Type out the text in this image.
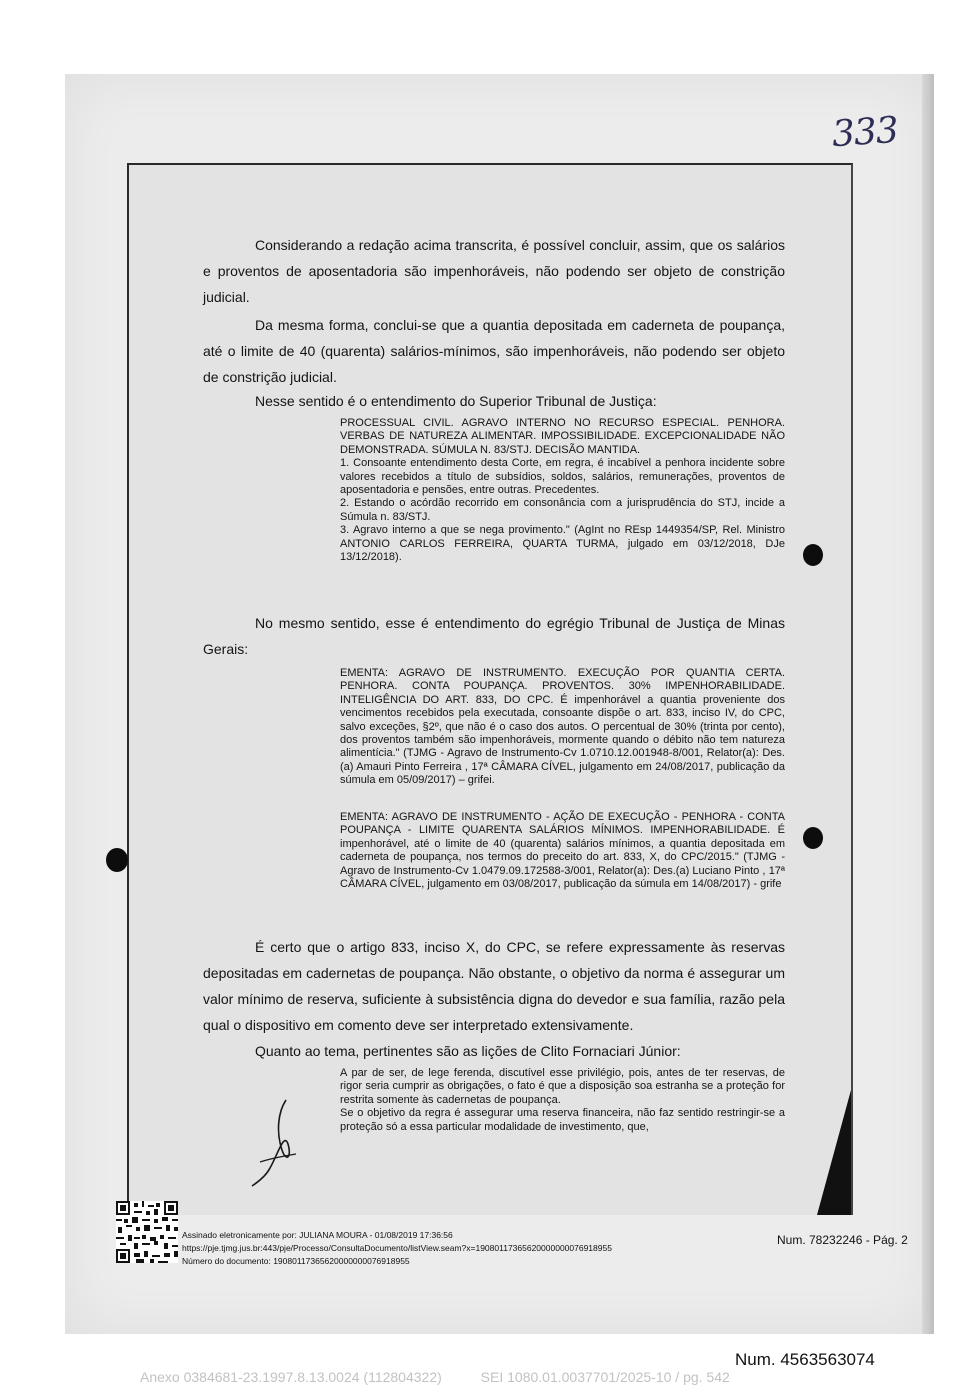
333
Considerando a redação acima transcrita, é possível concluir, assim, que os salários e proventos de aposentadoria são impenhoráveis, não podendo ser objeto de constrição judicial.
Da mesma forma, conclui-se que a quantia depositada em caderneta de poupança, até o limite de 40 (quarenta) salários-mínimos, são impenhoráveis, não podendo ser objeto de constrição judicial.
Nesse sentido é o entendimento do Superior Tribunal de Justiça:
PROCESSUAL CIVIL. AGRAVO INTERNO NO RECURSO ESPECIAL. PENHORA. VERBAS DE NATUREZA ALIMENTAR. IMPOSSIBILIDADE. EXCEPCIONALIDADE NÃO DEMONSTRADA. SÚMULA N. 83/STJ. DECISÃO MANTIDA.
1. Consoante entendimento desta Corte, em regra, é incabível a penhora incidente sobre valores recebidos a título de subsídios, soldos, salários, remunerações, proventos de aposentadoria e pensões, entre outras. Precedentes.
2. Estando o acórdão recorrido em consonância com a jurisprudência do STJ, incide a Súmula n. 83/STJ.
3. Agravo interno a que se nega provimento." (AgInt no REsp 1449354/SP, Rel. Ministro ANTONIO CARLOS FERREIRA, QUARTA TURMA, julgado em 03/12/2018, DJe 13/12/2018).
No mesmo sentido, esse é entendimento do egrégio Tribunal de Justiça de Minas Gerais:
EMENTA: AGRAVO DE INSTRUMENTO. EXECUÇÃO POR QUANTIA CERTA. PENHORA. CONTA POUPANÇA. PROVENTOS. 30% IMPENHORABILIDADE. INTELIGÊNCIA DO ART. 833, DO CPC. É impenhorável a quantia proveniente dos vencimentos recebidos pela executada, consoante dispõe o art. 833, inciso IV, do CPC, salvo exceções, §2º, que não é o caso dos autos. O percentual de 30% (trinta por cento), dos proventos também são impenhoráveis, mormente quando o débito não tem natureza alimentícia." (TJMG - Agravo de Instrumento-Cv 1.0710.12.001948-8/001, Relator(a): Des.(a) Amauri Pinto Ferreira , 17ª CÂMARA CÍVEL, julgamento em 24/08/2017, publicação da súmula em 05/09/2017) – grifei.
EMENTA: AGRAVO DE INSTRUMENTO - AÇÃO DE EXECUÇÃO - PENHORA - CONTA POUPANÇA - LIMITE QUARENTA SALÁRIOS MÍNIMOS. IMPENHORABILIDADE. É impenhorável, até o limite de 40 (quarenta) salários mínimos, a quantia depositada em caderneta de poupança, nos termos do preceito do art. 833, X, do CPC/2015." (TJMG - Agravo de Instrumento-Cv 1.0479.09.172588-3/001, Relator(a): Des.(a) Luciano Pinto , 17ª CÂMARA CÍVEL, julgamento em 03/08/2017, publicação da súmula em 14/08/2017) - grife
É certo que o artigo 833, inciso X, do CPC, se refere expressamente às reservas depositadas em cadernetas de poupança. Não obstante, o objetivo da norma é assegurar um valor mínimo de reserva, suficiente à subsistência digna do devedor e sua família, razão pela qual o dispositivo em comento deve ser interpretado extensivamente.
Quanto ao tema, pertinentes são as lições de Clito Fornaciari Júnior:
A par de ser, de lege ferenda, discutível esse privilégio, pois, antes de ter reservas, de rigor seria cumprir as obrigações, o fato é que a disposição soa estranha se a proteção for restrita somente às cadernetas de poupança.
Se o objetivo da regra é assegurar uma reserva financeira, não faz sentido restringir-se a proteção só a essa particular modalidade de investimento, que,
Assinado eletronicamente por: JULIANA MOURA - 01/08/2019 17:36:56
https://pje.tjmg.jus.br:443/pje/Processo/ConsultaDocumento/listView.seam?x=19080117365620000000076918955
Número do documento: 19080117365620000000076918955
Num. 78232246 - Pág. 2
Num. 4563563074
Anexo 0384681-23.1997.8.13.0024 (112804322)          SEI 1080.01.0037701/2025-10 / pg. 542
